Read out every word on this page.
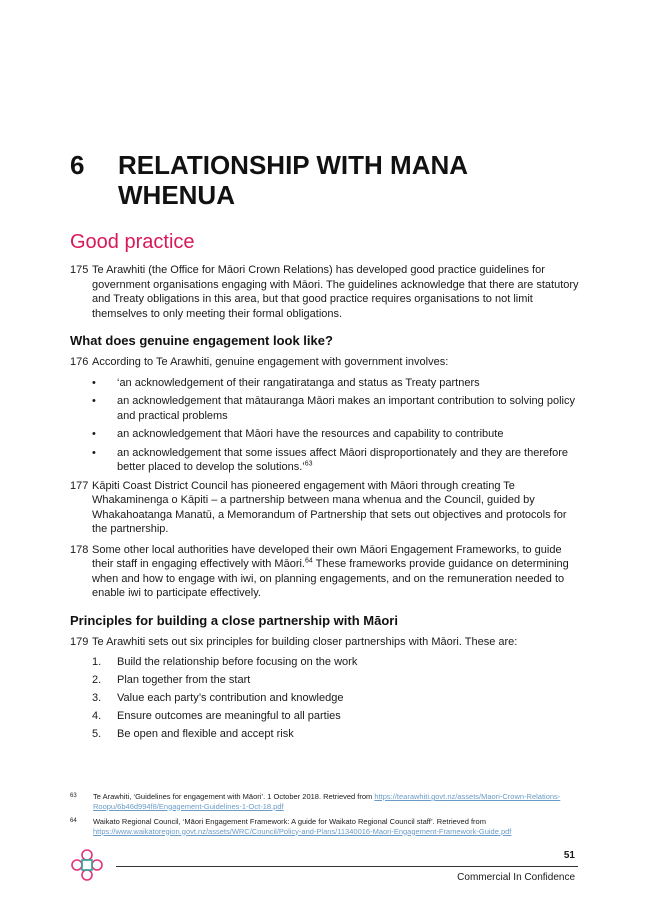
6	RELATIONSHIP WITH MANA WHENUA
Good practice
175 Te Arawhiti (the Office for Māori Crown Relations) has developed good practice guidelines for government organisations engaging with Māori. The guidelines acknowledge that there are statutory and Treaty obligations in this area, but that good practice requires organisations to not limit themselves to only meeting their formal obligations.
What does genuine engagement look like?
176 According to Te Arawhiti, genuine engagement with government involves:
•	‘an acknowledgement of their rangatiratanga and status as Treaty partners
•	an acknowledgement that mātauranga Māori makes an important contribution to solving policy and practical problems
•	an acknowledgement that Māori have the resources and capability to contribute
•	an acknowledgement that some issues affect Māori disproportionately and they are therefore better placed to develop the solutions.’$^{63}$
177 Kāpiti Coast District Council has pioneered engagement with Māori through creating Te Whakaminenga o Kāpiti – a partnership between mana whenua and the Council, guided by Whakahoatanga Manatū, a Memorandum of Partnership that sets out objectives and protocols for the partnership.
178 Some other local authorities have developed their own Māori Engagement Frameworks, to guide their staff in engaging effectively with Māori.$^{64}$ These frameworks provide guidance on determining when and how to engage with iwi, on planning engagements, and on the remuneration needed to enable iwi to participate effectively.
Principles for building a close partnership with Māori
179 Te Arawhiti sets out six principles for building closer partnerships with Māori. These are:
1.	Build the relationship before focusing on the work
2.	Plan together from the start
3.	Value each party’s contribution and knowledge
4.	Ensure outcomes are meaningful to all parties
5.	Be open and flexible and accept risk
63	Te Arawhiti, ‘Guidelines for engagement with Māori’. 1 October 2018. Retrieved from https://tearawhiti.govt.nz/assets/Maori-Crown-Relations-Roopu/6b46d994f8/Engagement-Guidelines-1-Oct-18.pdf
64	Waikato Regional Council, ‘Māori Engagement Framework: A guide for Waikato Regional Council staff’. Retrieved from https://www.waikatoregion.govt.nz/assets/WRC/Council/Policy-and-Plans/11340016-Maori-Engagement-Framework-Guide.pdf
51
Commercial In Confidence
